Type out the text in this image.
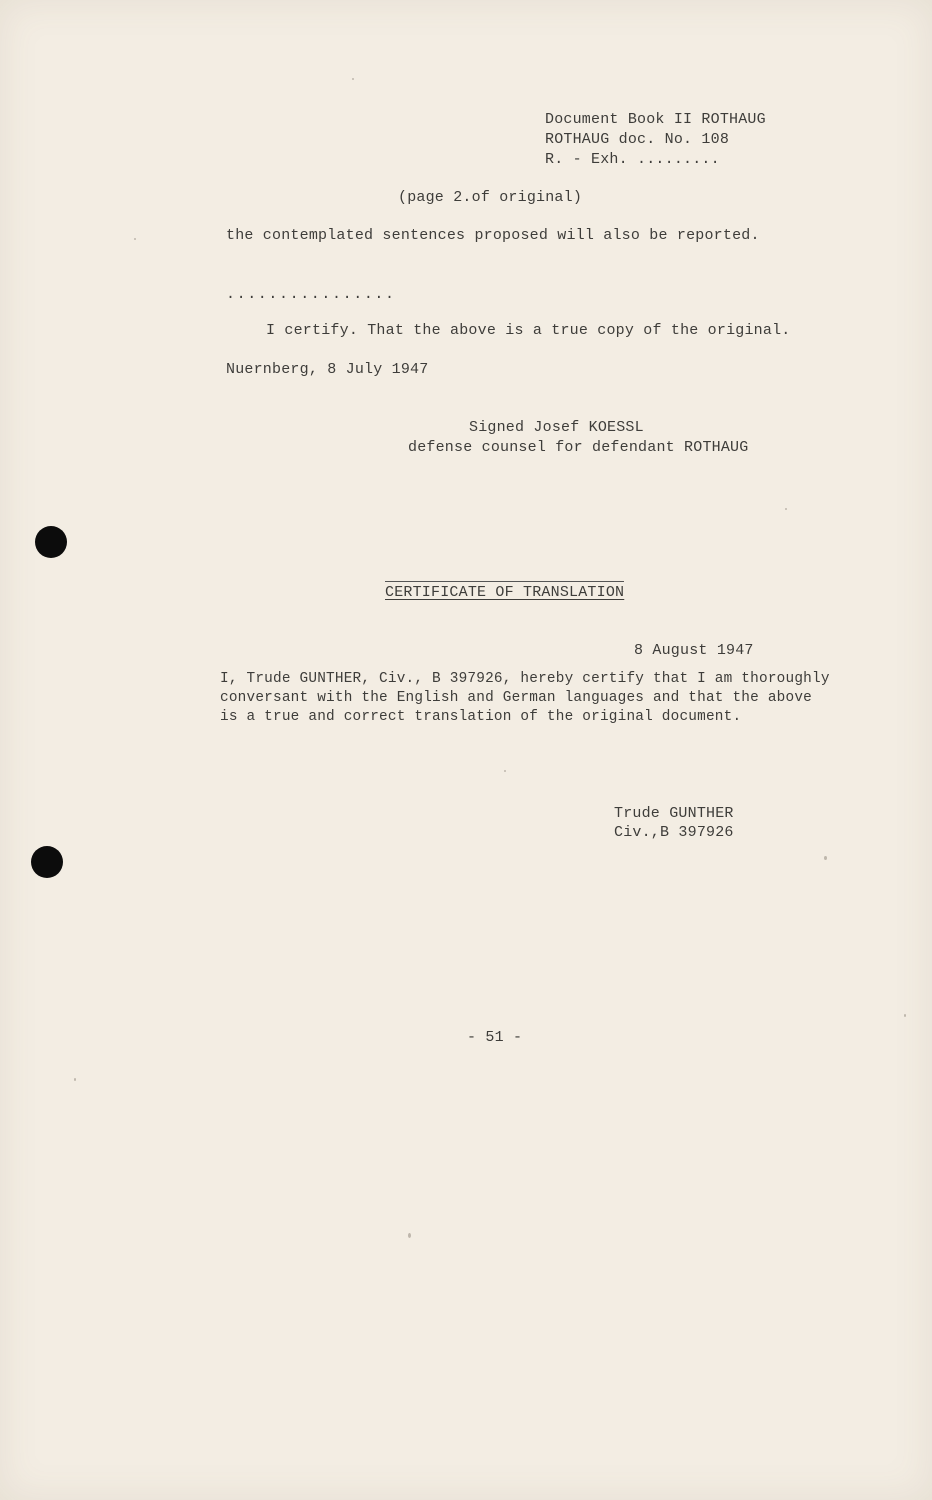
Document Book II ROTHAUG
ROTHAUG doc. No. 108
R. - Exh. .........
(page 2.of original)
the contemplated sentences proposed will also be reported.
................
I certify. That the above is a true copy of the original.
Nuernberg, 8 July 1947
Signed Josef KOESSL
defense counsel for defendant ROTHAUG
CERTIFICATE OF TRANSLATION
8 August 1947
I, Trude GUNTHER, Civ., B 397926, hereby certify that I am thoroughly
conversant with the English and German languages and that the above
is a true and correct translation of the original document.
Trude GUNTHER
Civ.,B 397926
- 51 -
